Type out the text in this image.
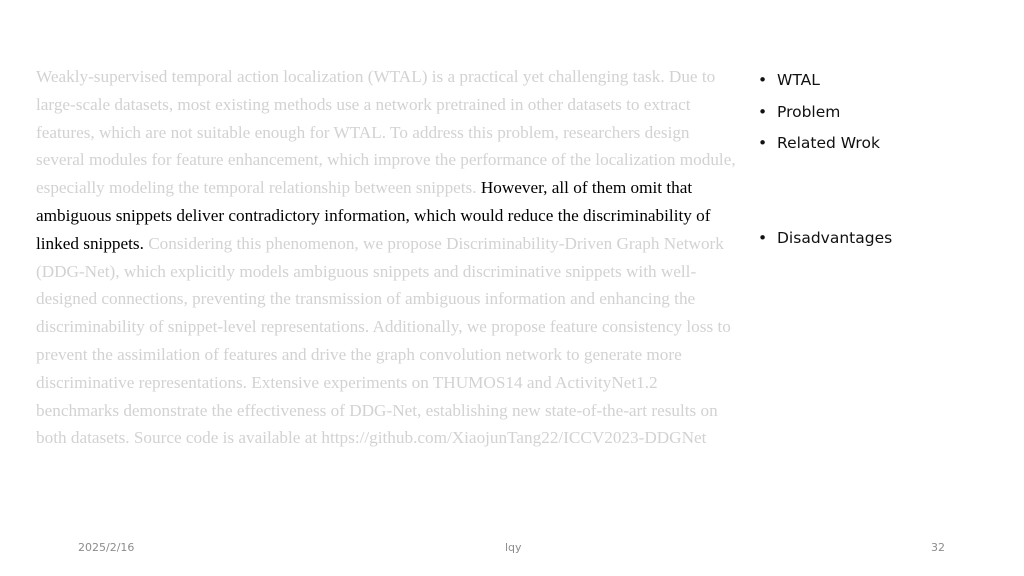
Weakly-supervised temporal action localization (WTAL) is a practical yet challenging task. Due to large-scale datasets, most existing methods use a network pretrained in other datasets to extract features, which are not suitable enough for WTAL. To address this problem, researchers design several modules for feature enhancement, which improve the performance of the localization module, especially modeling the temporal relationship between snippets. However, all of them omit that ambiguous snippets deliver contradictory information, which would reduce the discriminability of linked snippets. Considering this phenomenon, we propose Discriminability-Driven Graph Network (DDG-Net), which explicitly models ambiguous snippets and discriminative snippets with well-designed connections, preventing the transmission of ambiguous information and enhancing the discriminability of snippet-level representations. Additionally, we propose feature consistency loss to prevent the assimilation of features and drive the graph convolution network to generate more discriminative representations. Extensive experiments on THUMOS14 and ActivityNet1.2 benchmarks demonstrate the effectiveness of DDG-Net, establishing new state-of-the-art results on both datasets. Source code is available at https://github.com/XiaojunTang22/ICCV2023-DDGNet

• WTAL
• Problem
• Related Wrok
• Disadvantages
2025/2/16	lqy	32
